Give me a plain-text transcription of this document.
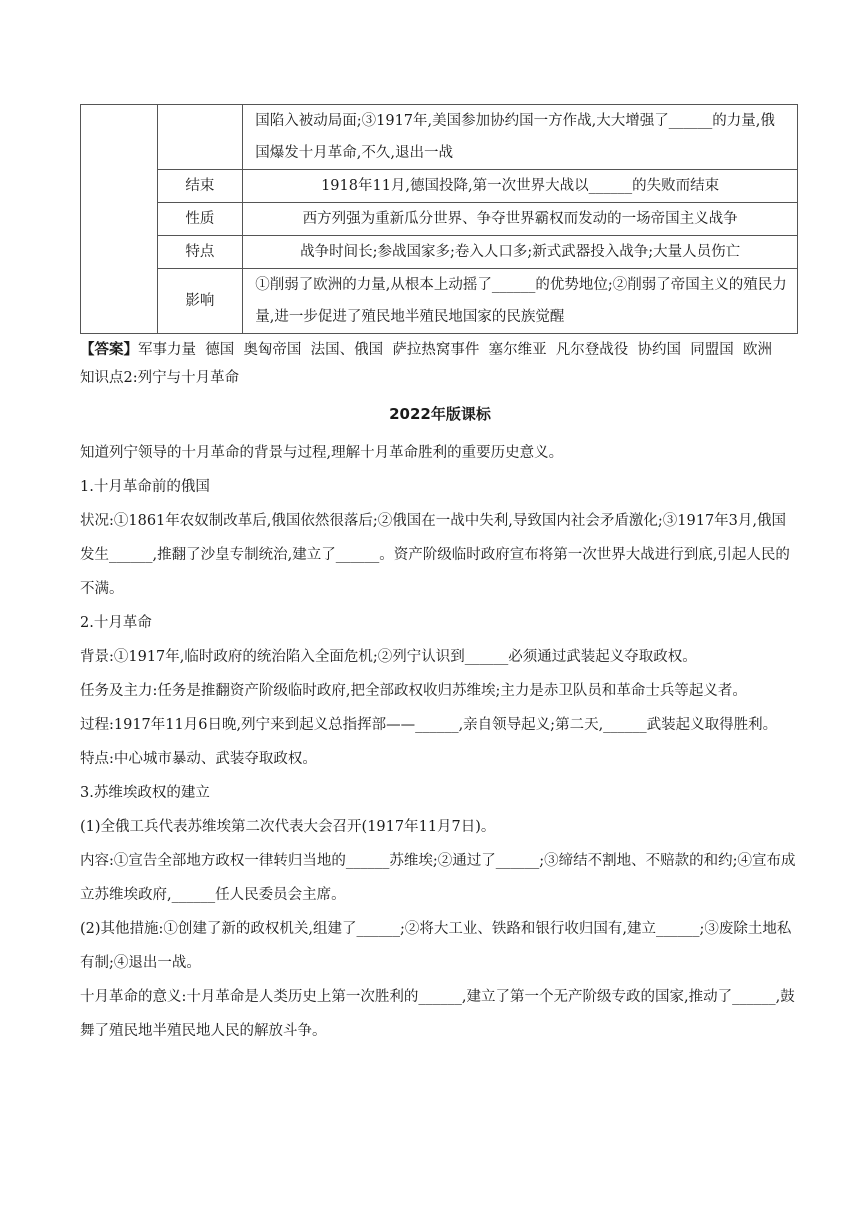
		国陷入被动局面;③1917年,美国参加协约国一方作战,大大增强了______的力量,俄国爆发十月革命,不久,退出一战
	结束	1918年11月,德国投降,第一次世界大战以______的失败而结束
	性质	西方列强为重新瓜分世界、争夺世界霸权而发动的一场帝国主义战争
	特点	战争时间长;参战国家多;卷入人口多;新式武器投入战争;大量人员伤亡
	影响	①削弱了欧洲的力量,从根本上动摇了______的优势地位;②削弱了帝国主义的殖民力量,进一步促进了殖民地半殖民地国家的民族觉醒
【答案】军事力量  德国  奥匈帝国  法国、俄国  萨拉热窝事件  塞尔维亚  凡尔登战役  协约国  同盟国  欧洲
知识点2:列宁与十月革命
2022年版课标

知道列宁领导的十月革命的背景与过程,理解十月革命胜利的重要历史意义。

1.十月革命前的俄国

状况:①1861年农奴制改革后,俄国依然很落后;②俄国在一战中失利,导致国内社会矛盾激化;③1917年3月,俄国发生______,推翻了沙皇专制统治,建立了______。资产阶级临时政府宣布将第一次世界大战进行到底,引起人民的不满。

2.十月革命

背景:①1917年,临时政府的统治陷入全面危机;②列宁认识到______必须通过武装起义夺取政权。

任务及主力:任务是推翻资产阶级临时政府,把全部政权收归苏维埃;主力是赤卫队员和革命士兵等起义者。

过程:1917年11月6日晚,列宁来到起义总指挥部——______,亲自领导起义;第二天,______武装起义取得胜利。

特点:中心城市暴动、武装夺取政权。

3.苏维埃政权的建立

(1)全俄工兵代表苏维埃第二次代表大会召开(1917年11月7日)。

内容:①宣告全部地方政权一律转归当地的______苏维埃;②通过了______;③缔结不割地、不赔款的和约;④宣布成立苏维埃政府,______任人民委员会主席。

(2)其他措施:①创建了新的政权机关,组建了______;②将大工业、铁路和银行收归国有,建立______;③废除土地私有制;④退出一战。

十月革命的意义:十月革命是人类历史上第一次胜利的______,建立了第一个无产阶级专政的国家,推动了______,鼓舞了殖民地半殖民地人民的解放斗争。
